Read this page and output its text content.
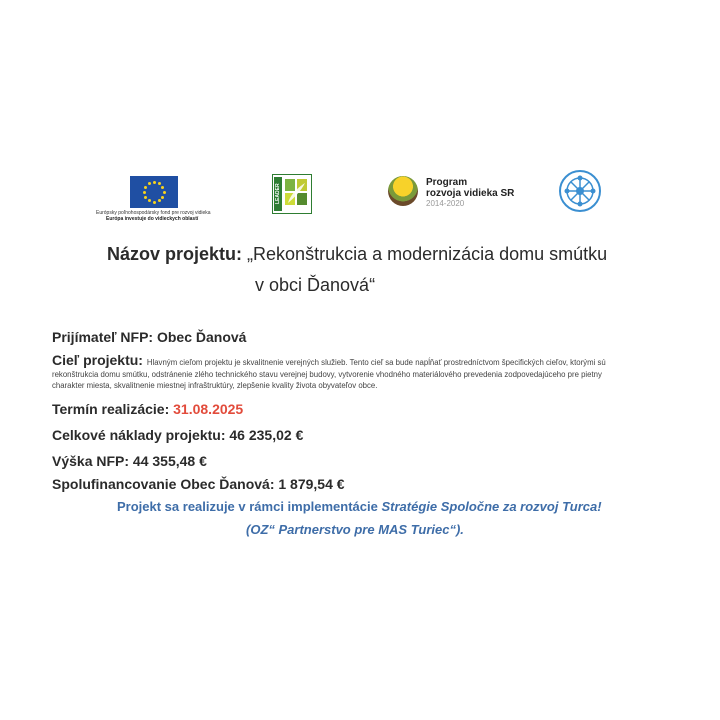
Európsky poľnohospodársky fond pre rozvoj vidieka
Európa investuje do vidieckych oblastí
LEADER
Program
rozvoja vidieka SR
2014-2020
Názov projektu: „Rekonštrukcia a modernizácia domu smútku
v obci Ďanová“
Prijímateľ NFP: Obec Ďanová
Cieľ projektu: Hlavným cieľom projektu je skvalitnenie verejných služieb. Tento cieľ sa bude napĺňať prostredníctvom špecifických cieľov, ktorými sú
rekonštrukcia domu smútku, odstránenie zlého technického stavu verejnej budovy, vytvorenie vhodného materiálového prevedenia zodpovedajúceho pre pietny
charakter miesta, skvalitnenie miestnej infraštruktúry, zlepšenie kvality života obyvateľov obce.
Termín realizácie: 31.08.2025
Celkové náklady projektu: 46 235,02 €
Výška NFP: 44 355,48 €
Spolufinancovanie Obec Ďanová: 1 879,54 €
Projekt sa realizuje v rámci implementácie Stratégie Spoločne za rozvoj Turca!
(OZ“ Partnerstvo pre MAS Turiec“).
